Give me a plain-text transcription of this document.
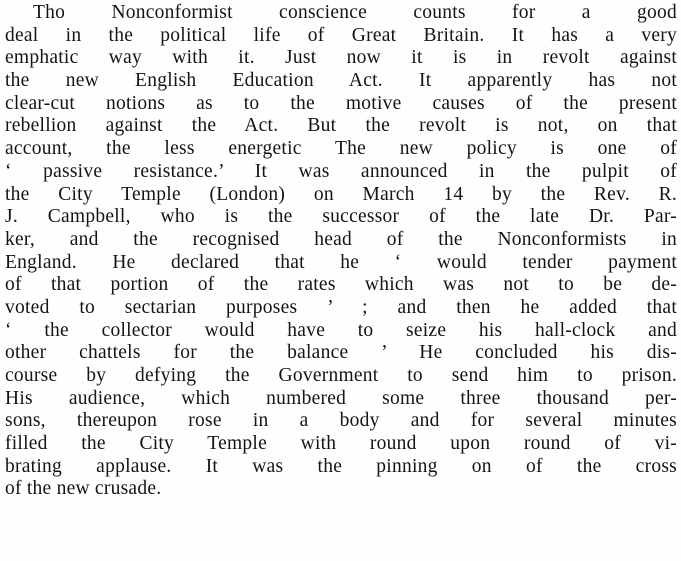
Tho Nonconformist conscience counts for a good
deal in the political life of Great Britain. It has a very
emphatic way with it. Just now it is in revolt against
the new English Education Act. It apparently has not
clear-cut notions as to the motive causes of the present
rebellion against the Act. But the revolt is not, on that
account, the less energetic The new policy is one of
‘ passive resistance.’ It was announced in the pulpit of
the City Temple (London) on March 14 by the Rev. R.
J. Campbell, who is the successor of the late Dr. Par-
ker, and the recognised head of the Nonconformists in
England. He declared that he ‘ would tender payment
of that portion of the rates which was not to be de-
voted to sectarian purposes ’ ; and then he added that
‘ the collector would have to seize his hall-clock and
other chattels for the balance ’ He concluded his dis-
course by defying the Government to send him to prison.
His audience, which numbered some three thousand per-
sons, thereupon rose in a body and for several minutes
filled the City Temple with round upon round of vi-
brating applause. It was the pinning on of the cross
of the new crusade.
